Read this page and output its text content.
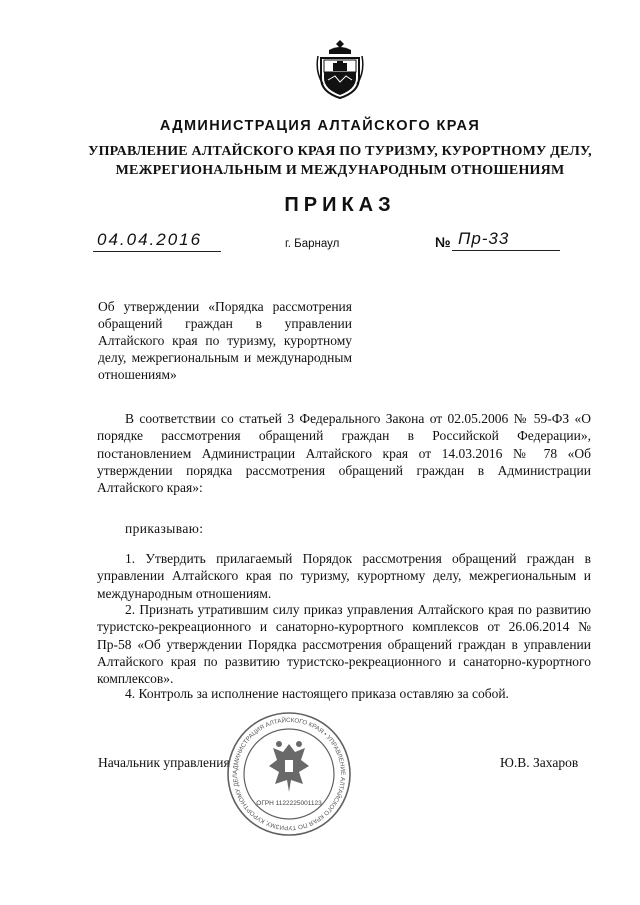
АДМИНИСТРАЦИЯ АЛТАЙСКОГО КРАЯ
УПРАВЛЕНИЕ АЛТАЙСКОГО КРАЯ ПО ТУРИЗМУ, КУРОРТНОМУ ДЕЛУ,
МЕЖРЕГИОНАЛЬНЫМ И МЕЖДУНАРОДНЫМ ОТНОШЕНИЯМ
ПРИКАЗ
04.04.2016	г. Барнаул	№ Пр-33
Об утверждении «Порядка рассмотрения обращений граждан в управлении Алтайского края по туризму, курортному делу, межрегиональным и международным отношениям»
В соответствии со статьей 3 Федерального Закона от 02.05.2006 № 59-ФЗ «О порядке рассмотрения обращений граждан в Российской Федерации», постановлением Администрации Алтайского края от 14.03.2016 № 78 «Об утверждении порядка рассмотрения обращений граждан в Администрации Алтайского края»:
приказываю:
1. Утвердить прилагаемый Порядок рассмотрения обращений граждан в управлении Алтайского края по туризму, курортному делу, межрегиональным и международным отношениям.
2. Признать утратившим силу приказ управления Алтайского края по развитию туристско-рекреационного и санаторно-курортного комплексов от 26.06.2014 № Пр-58 «Об утверждении Порядка рассмотрения обращений граждан в управлении Алтайского края по развитию туристско-рекреационного и санаторно-курортного комплексов».
4. Контроль за исполнение настоящего приказа оставляю за собой.
Начальник управления	Ю.В. Захаров
АДМИНИСТРАЦИЯ АЛТАЙСКОГО КРАЯ • УПРАВЛЕНИЕ АЛТАЙСКОГО КРАЯ ПО ТУРИЗМУ, КУРОРТНОМУ ДЕЛ
ОГРН 1122225001123
